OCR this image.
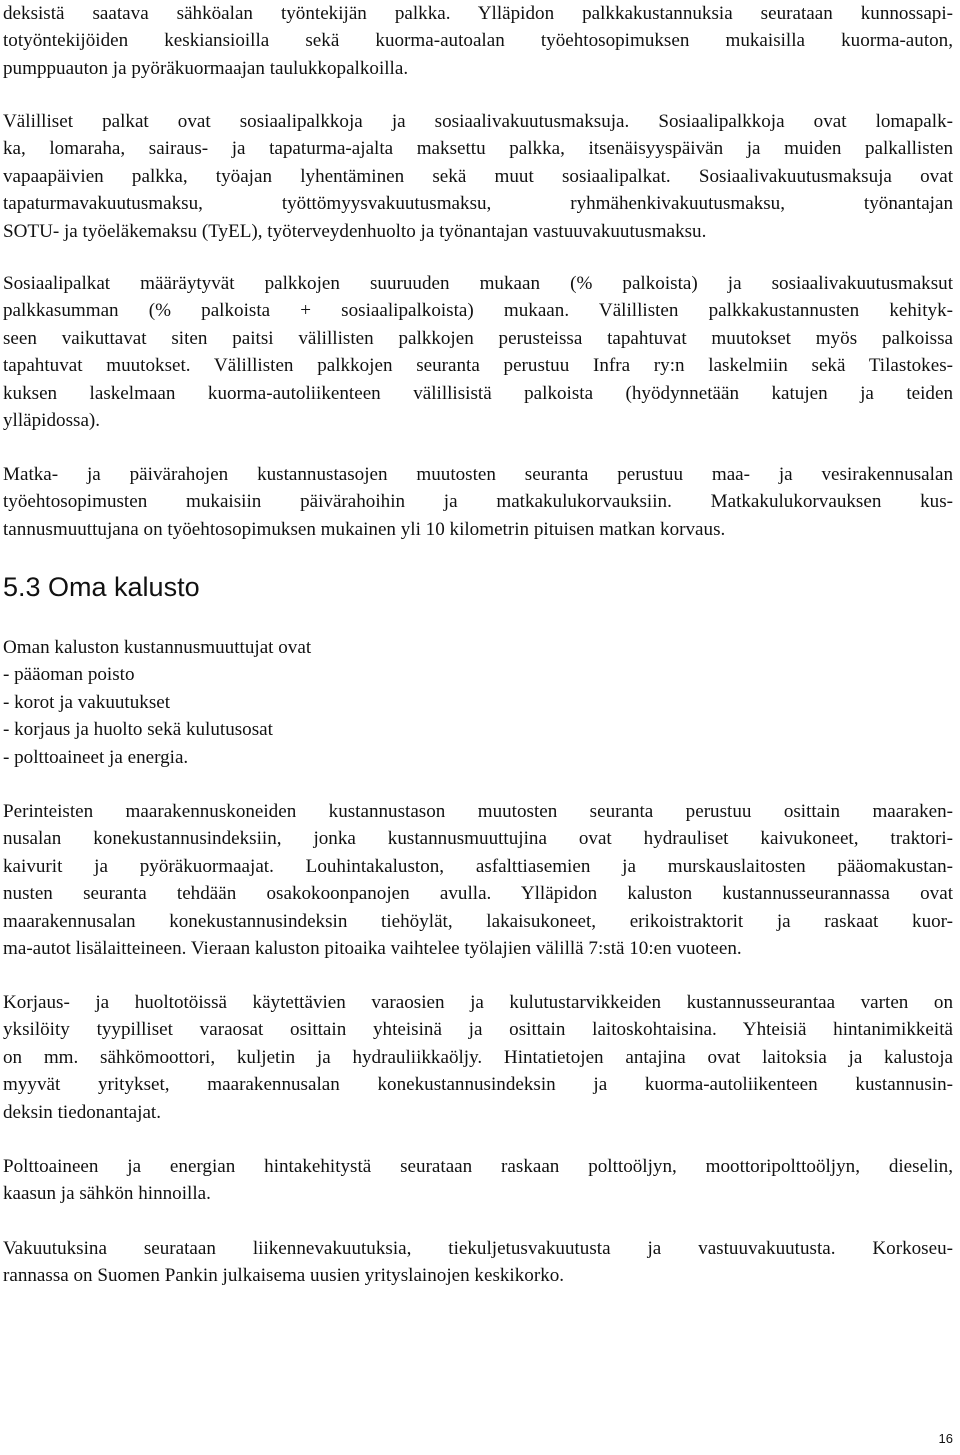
deksistä saatava sähköalan työntekijän palkka. Ylläpidon palkkakustannuksia seurataan kunnossapi-
totyöntekijöiden keskiansioilla sekä kuorma-autoalan työehtosopimuksen mukaisilla kuorma-auton,
pumppuauton ja pyöräkuormaajan taulukkopalkoilla.

Välilliset palkat ovat sosiaalipalkkoja ja sosiaalivakuutusmaksuja. Sosiaalipalkkoja ovat lomapalk-
ka, lomaraha, sairaus- ja tapaturma-ajalta maksettu palkka, itsenäisyyspäivän ja muiden palkallisten
vapaapäivien palkka, työajan lyhentäminen sekä muut sosiaalipalkat. Sosiaalivakuutusmaksuja ovat
tapaturmavakuutusmaksu, työttömyysvakuutusmaksu, ryhmähenkivakuutusmaksu, työnantajan
SOTU- ja työeläkemaksu (TyEL), työterveydenhuolto ja työnantajan vastuuvakuutusmaksu.

Sosiaalipalkat määräytyvät palkkojen suuruuden mukaan (% palkoista) ja sosiaalivakuutusmaksut
palkkasumman (% palkoista + sosiaalipalkoista) mukaan. Välillisten palkkakustannusten kehityk-
seen vaikuttavat siten paitsi välillisten palkkojen perusteissa tapahtuvat muutokset myös palkoissa
tapahtuvat muutokset. Välillisten palkkojen seuranta perustuu Infra ry:n laskelmiin sekä Tilastokes-
kuksen laskelmaan kuorma-autoliikenteen välillisistä palkoista (hyödynnetään katujen ja teiden
ylläpidossa).

Matka- ja päivärahojen kustannustasojen muutosten seuranta perustuu maa- ja vesirakennusalan
työehtosopimusten mukaisiin päivärahoihin ja matkakulukorvauksiin. Matkakulukorvauksen kus-
tannusmuuttujana on työehtosopimuksen mukainen yli 10 kilometrin pituisen matkan korvaus.

5.3 Oma kalusto

Oman kaluston kustannusmuuttujat ovat
- pääoman poisto
- korot ja vakuutukset
- korjaus ja huolto sekä kulutusosat
- polttoaineet ja energia.

Perinteisten maarakennuskoneiden kustannustason muutosten seuranta perustuu osittain maaraken-
nusalan konekustannusindeksiin, jonka kustannusmuuttujina ovat hydrauliset kaivukoneet, traktori-
kaivurit ja pyöräkuormaajat. Louhintakaluston, asfalttiasemien ja murskauslaitosten pääomakustan-
nusten seuranta tehdään osakokoonpanojen avulla. Ylläpidon kaluston kustannusseurannassa ovat
maarakennusalan konekustannusindeksin tiehöylät, lakaisukoneet, erikoistraktorit ja raskaat kuor-
ma-autot lisälaitteineen. Vieraan kaluston pitoaika vaihtelee työlajien välillä 7:stä 10:en vuoteen.

Korjaus- ja huoltotöissä käytettävien varaosien ja kulutustarvikkeiden kustannusseurantaa varten on
yksilöity tyypilliset varaosat osittain yhteisinä ja osittain laitoskohtaisina. Yhteisiä hintanimikkeitä
on mm. sähkömoottori, kuljetin ja hydrauliikkaöljy. Hintatietojen antajina ovat laitoksia ja kalustoja
myyvät yritykset, maarakennusalan konekustannusindeksin ja kuorma-autoliikenteen kustannusin-
deksin tiedonantajat.

Polttoaineen ja energian hintakehitystä seurataan raskaan polttoöljyn, moottoripolttoöljyn, dieselin,
kaasun ja sähkön hinnoilla.

Vakuutuksina seurataan liikennevakuutuksia, tiekuljetusvakuutusta ja vastuuvakuutusta. Korkoseu-
rannassa on Suomen Pankin julkaisema uusien yrityslainojen keskikorko.

16
